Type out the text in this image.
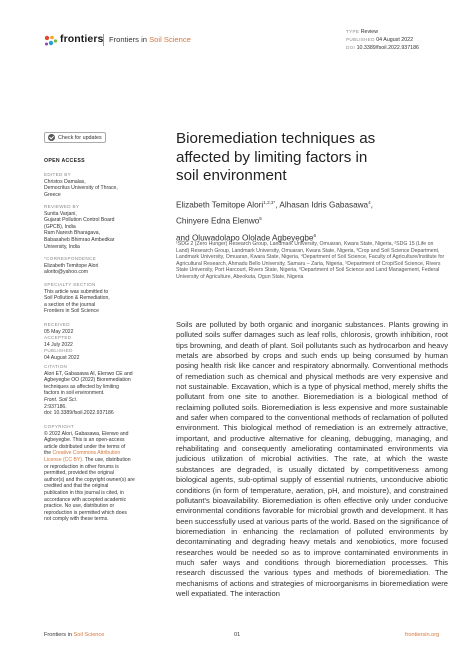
frontiers Frontiers in Soil Science
TYPE Review
PUBLISHED 04 August 2022
DOI 10.3389/fsoil.2022.937186
Check for updates
OPEN ACCESS
EDITED BY
Christos Damalas,
Democritus University of Thrace,
Greece
REVIEWED BY
Sunita Varjani,
Gujarat Pollution Control Board
(GPCB), India
Ram Naresh Bharagava,
Babasaheb Bhimrao Ambedkar
University, India
*CORRESPONDENCE
Elizabeth Temitope Alori
alorito@yahoo.com
SPECIALTY SECTION
This article was submitted to
Soil Pollution & Remediation,
a section of the journal
Frontiers in Soil Science
RECEIVED
05 May 2022
ACCEPTED
14 July 2022
PUBLISHED
04 August 2022
CITATION
Alori ET, Gabasawa AI, Elenwo CE and
Agbeyegbe OO (2022) Bioremediation
techniques as affected by limiting
factors in soil environment.
Front. Soil Sci.
2:937186.
doi: 10.3389/fsoil.2022.937186
COPYRIGHT
© 2022 Alori, Gabasawa, Elenwo and
Agbeyegbe. This is an open-access
article distributed under the terms of
the Creative Commons Attribution
License (CC BY). The use, distribution
or reproduction in other forums is
permitted, provided the original
author(s) and the copyright owner(s) are
credited and that the original
publication in this journal is cited, in
accordance with accepted academic
practice. No use, distribution or
reproduction is permitted which does
not comply with these terms.
Bioremediation techniques as
affected by limiting factors in
soil environment
Elizabeth Temitope Alori$^{1,2,3*}$, Alhasan Idris Gabasawa$^4$,
Chinyere Edna Elenwo$^5$
and Oluwadolapo Ololade Agbeyegbe$^6$

¹SDG 2 (Zero Hunger) Research Group, Landmark University, Omuaran, Kwara State, Nigeria, ²SDG 15 (Life on Land) Research Group, Landmark University, Omuaran, Kwara State, Nigeria, ³Crop and Soil Science Department, Landmark University, Omuaran, Kwara State, Nigeria, ⁴Department of Soil Science, Faculty of Agriculture/Institute for Agricultural Research, Ahmadu Bello University, Samaru – Zaria, Nigeria, ⁵Department of Crop/Soil Science, Rivers State University, Port Harcourt, Rivers State, Nigeria, ⁶Department of Soil Science and Land Management, Federal University of Agriculture, Abeokuta, Ogun State, Nigeria

Soils are polluted by both organic and inorganic substances. Plants growing in polluted soils suffer damages such as leaf rolls, chlorosis, growth inhibition, root tips browning, and death of plant. Soil pollutants such as hydrocarbon and heavy metals are absorbed by crops and such ends up being consumed by human posing health risk like cancer and respiratory abnormally. Conventional methods of remediation such as chemical and physical methods are very expensive and not sustainable. Excavation, which is a type of physical method, merely shifts the pollutant from one site to another. Bioremediation is a biological method of reclaiming polluted soils. Bioremediation is less expensive and more sustainable and safer when compared to the conventional methods of reclamation of polluted environment. This biological method of remediation is an extremely attractive, important, and productive alternative for cleaning, debugging, managing, and rehabilitating and consequently ameliorating contaminated environments via judicious utilization of microbial activities. The rate, at which the waste substances are degraded, is usually dictated by competitiveness among biological agents, sub-optimal supply of essential nutrients, unconducive abiotic conditions (in form of temperature, aeration, pH, and moisture), and constrained pollutant's bioavailability. Bioremediation is often effective only under conducive environmental conditions favorable for microbial growth and development. It has been successfully used at various parts of the world. Based on the significance of bioremediation in enhancing the reclamation of polluted environments by decontaminating and degrading heavy metals and xenobiotics, more focused researches would be needed so as to improve contaminated environments in much safer ways and conditions through bioremediation processes. This research discussed the various types and methods of bioremediation. The mechanisms of actions and strategies of microorganisms in bioremediation were well expatiated. The interaction

Frontiers in Soil Science	01	frontiersin.org
